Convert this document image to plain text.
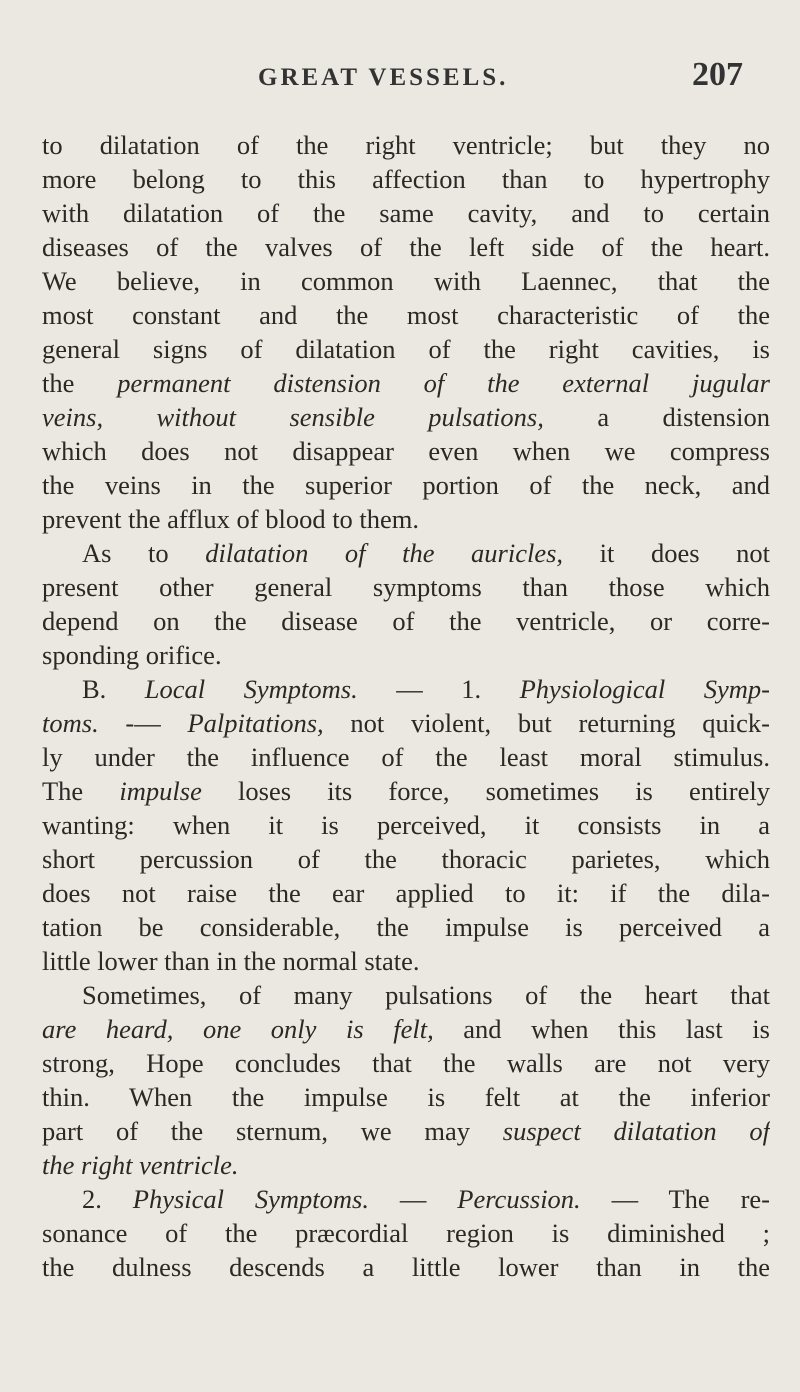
GREAT VESSELS.	207
to dilatation of the right ventricle; but they no
more belong to this affection than to hypertrophy
with dilatation of the same cavity, and to certain
diseases of the valves of the left side of the heart.
We believe, in common with Laennec, that the
most constant and the most characteristic of the
general signs of dilatation of the right cavities, is
the permanent distension of the external jugular
veins, without sensible pulsations, a distension
which does not disappear even when we compress
the veins in the superior portion of the neck, and
prevent the afflux of blood to them.
As to dilatation of the auricles, it does not
present other general symptoms than those which
depend on the disease of the ventricle, or corre-
sponding orifice.
B. Local Symptoms. — 1. Physiological Symp-
toms. -— Palpitations, not violent, but returning quick-
ly under the influence of the least moral stimulus.
The impulse loses its force, sometimes is entirely
wanting: when it is perceived, it consists in a
short percussion of the thoracic parietes, which
does not raise the ear applied to it: if the dila-
tation be considerable, the impulse is perceived a
little lower than in the normal state.
Sometimes, of many pulsations of the heart that
are heard, one only is felt, and when this last is
strong, Hope concludes that the walls are not very
thin. When the impulse is felt at the inferior
part of the sternum, we may suspect dilatation of
the right ventricle.
2. Physical Symptoms. — Percussion. — The re-
sonance of the præcordial region is diminished ;
the dulness descends a little lower than in the
